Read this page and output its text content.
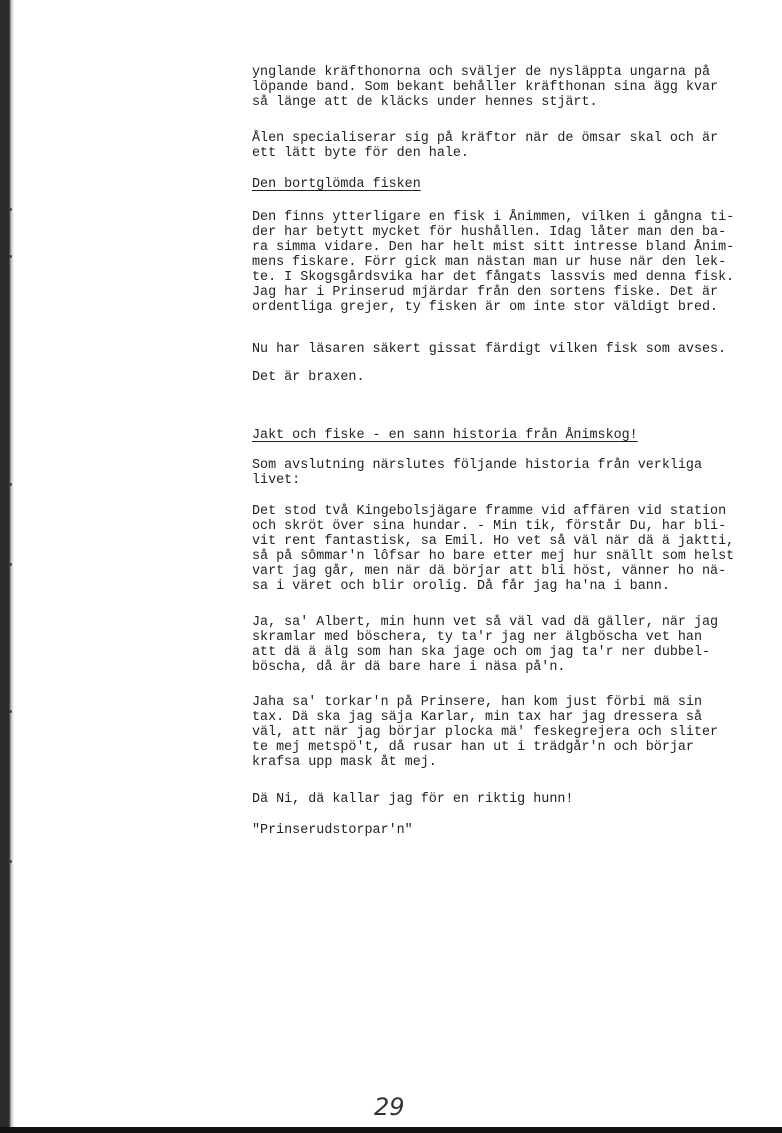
ynglande kräfthonorna och sväljer de nysläppta ungarna på
löpande band. Som bekant behåller kräfthonan sina ägg kvar
så länge att de kläcks under hennes stjärt.
Ålen specialiserar sig på kräftor när de ömsar skal och är
ett lätt byte för den hale.
Den bortglömda fisken
Den finns ytterligare en fisk i Ånimmen, vilken i gångna ti-
der har betytt mycket för hushållen. Idag låter man den ba-
ra simma vidare. Den har helt mist sitt intresse bland Ånim-
mens fiskare. Förr gick man nästan man ur huse när den lek-
te. I Skogsgårdsvika har det fångats lassvis med denna fisk.
Jag har i Prinserud mjärdar från den sortens fiske. Det är
ordentliga grejer, ty fisken är om inte stor väldigt bred.
Nu har läsaren säkert gissat färdigt vilken fisk som avses.
Det är braxen.
Jakt och fiske - en sann historia från Ånimskog!
Som avslutning närslutes följande historia från verkliga
livet:
Det stod två Kingebolsjägare framme vid affären vid station
och skröt över sina hundar. - Min tik, förstår Du, har bli-
vit rent fantastisk, sa Emil. Ho vet så väl när dä ä jaktti,
så på sômmar'n lôfsar ho bare etter mej hur snällt som helst
vart jag går, men när dä börjar att bli höst, vänner ho nä-
sa i väret och blir orolig. Då får jag ha'na i bann.
Ja, sa' Albert, min hunn vet så väl vad dä gäller, när jag
skramlar med böschera, ty ta'r jag ner älgböscha vet han
att dä ä älg som han ska jage och om jag ta'r ner dubbel-
böscha, då är dä bare hare i näsa på'n.
Jaha sa' torkar'n på Prinsere, han kom just förbi mä sin
tax. Dä ska jag säja Karlar, min tax har jag dressera så
väl, att när jag börjar plocka mä' feskegrejera och sliter
te mej metspö't, då rusar han ut i trädgår'n och börjar
krafsa upp mask åt mej.
Dä Ni, dä kallar jag för en riktig hunn!
"Prinserudstorpar'n"
29
